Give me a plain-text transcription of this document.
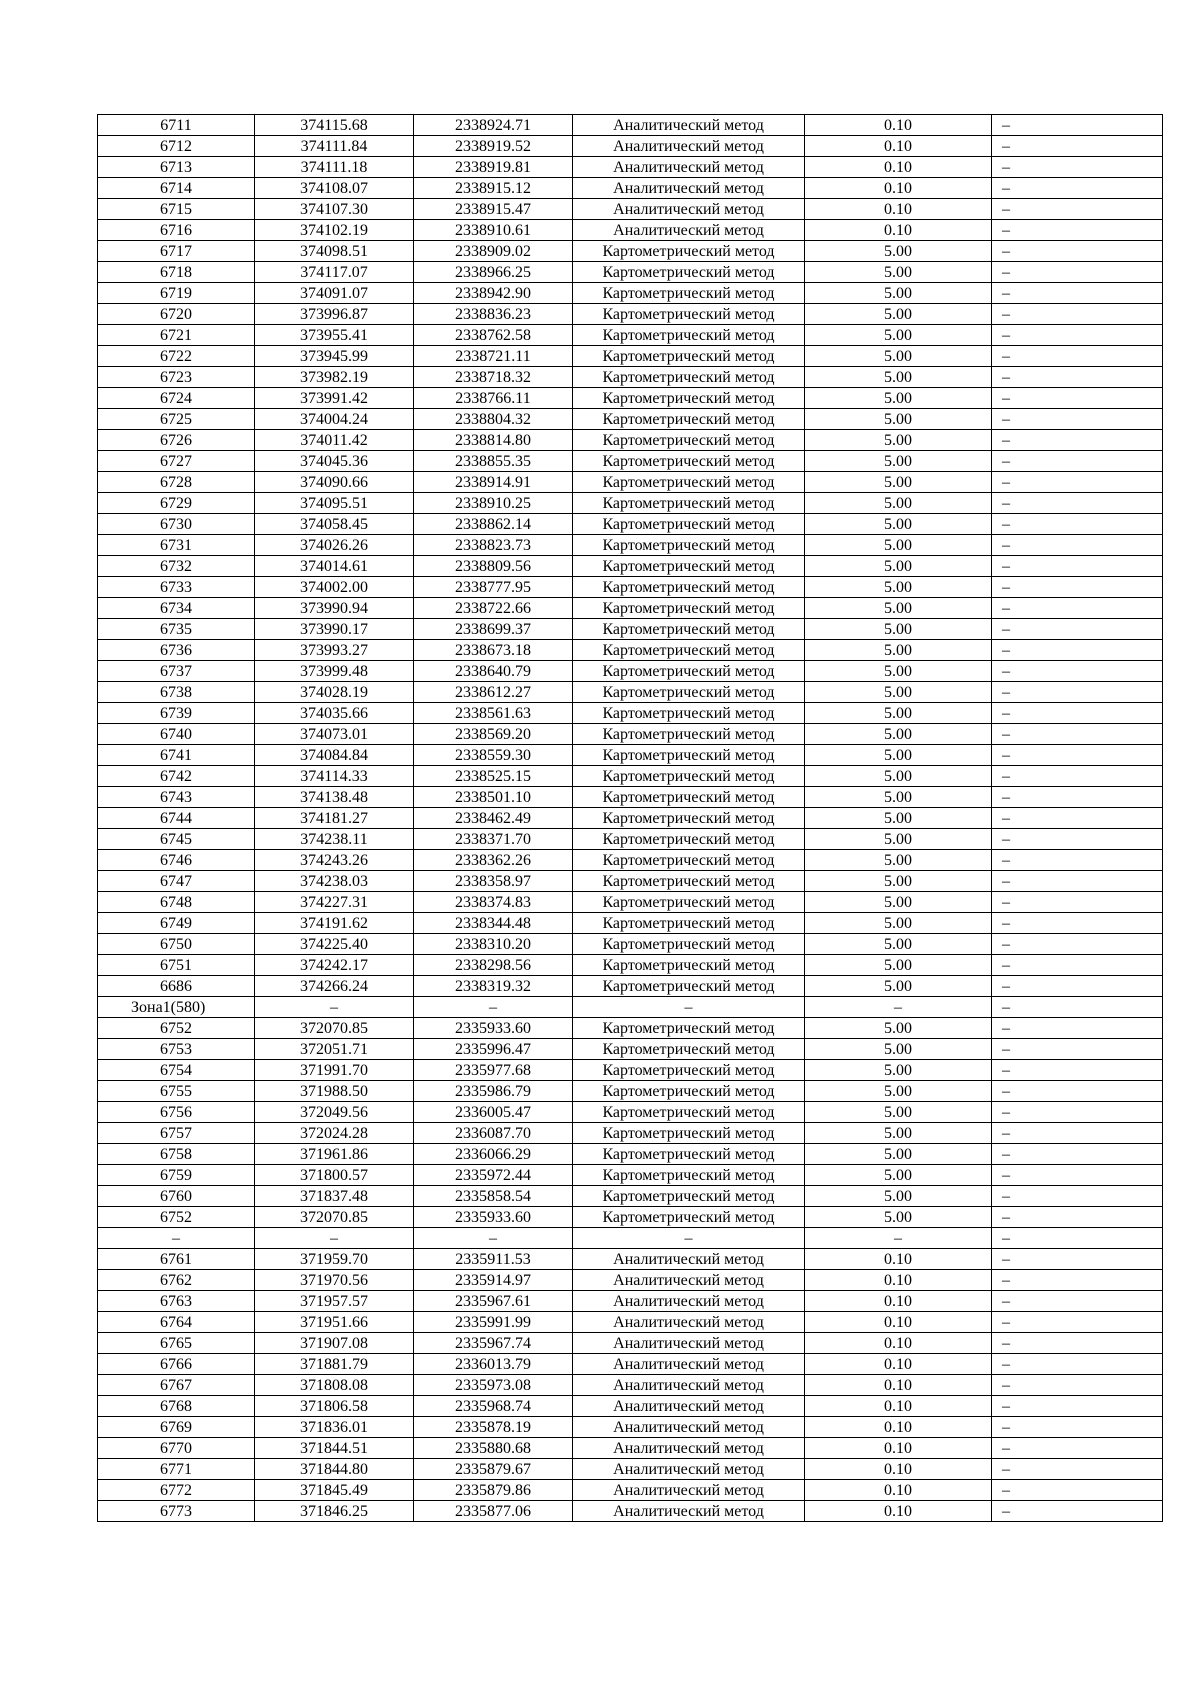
6711	374115.68	2338924.71	Аналитический метод	0.10	–
6712	374111.84	2338919.52	Аналитический метод	0.10	–
6713	374111.18	2338919.81	Аналитический метод	0.10	–
6714	374108.07	2338915.12	Аналитический метод	0.10	–
6715	374107.30	2338915.47	Аналитический метод	0.10	–
6716	374102.19	2338910.61	Аналитический метод	0.10	–
6717	374098.51	2338909.02	Картометрический метод	5.00	–
6718	374117.07	2338966.25	Картометрический метод	5.00	–
6719	374091.07	2338942.90	Картометрический метод	5.00	–
6720	373996.87	2338836.23	Картометрический метод	5.00	–
6721	373955.41	2338762.58	Картометрический метод	5.00	–
6722	373945.99	2338721.11	Картометрический метод	5.00	–
6723	373982.19	2338718.32	Картометрический метод	5.00	–
6724	373991.42	2338766.11	Картометрический метод	5.00	–
6725	374004.24	2338804.32	Картометрический метод	5.00	–
6726	374011.42	2338814.80	Картометрический метод	5.00	–
6727	374045.36	2338855.35	Картометрический метод	5.00	–
6728	374090.66	2338914.91	Картометрический метод	5.00	–
6729	374095.51	2338910.25	Картометрический метод	5.00	–
6730	374058.45	2338862.14	Картометрический метод	5.00	–
6731	374026.26	2338823.73	Картометрический метод	5.00	–
6732	374014.61	2338809.56	Картометрический метод	5.00	–
6733	374002.00	2338777.95	Картометрический метод	5.00	–
6734	373990.94	2338722.66	Картометрический метод	5.00	–
6735	373990.17	2338699.37	Картометрический метод	5.00	–
6736	373993.27	2338673.18	Картометрический метод	5.00	–
6737	373999.48	2338640.79	Картометрический метод	5.00	–
6738	374028.19	2338612.27	Картометрический метод	5.00	–
6739	374035.66	2338561.63	Картометрический метод	5.00	–
6740	374073.01	2338569.20	Картометрический метод	5.00	–
6741	374084.84	2338559.30	Картометрический метод	5.00	–
6742	374114.33	2338525.15	Картометрический метод	5.00	–
6743	374138.48	2338501.10	Картометрический метод	5.00	–
6744	374181.27	2338462.49	Картометрический метод	5.00	–
6745	374238.11	2338371.70	Картометрический метод	5.00	–
6746	374243.26	2338362.26	Картометрический метод	5.00	–
6747	374238.03	2338358.97	Картометрический метод	5.00	–
6748	374227.31	2338374.83	Картометрический метод	5.00	–
6749	374191.62	2338344.48	Картометрический метод	5.00	–
6750	374225.40	2338310.20	Картометрический метод	5.00	–
6751	374242.17	2338298.56	Картометрический метод	5.00	–
6686	374266.24	2338319.32	Картометрический метод	5.00	–
Зона1(580)	–	–	–	–	–
6752	372070.85	2335933.60	Картометрический метод	5.00	–
6753	372051.71	2335996.47	Картометрический метод	5.00	–
6754	371991.70	2335977.68	Картометрический метод	5.00	–
6755	371988.50	2335986.79	Картометрический метод	5.00	–
6756	372049.56	2336005.47	Картометрический метод	5.00	–
6757	372024.28	2336087.70	Картометрический метод	5.00	–
6758	371961.86	2336066.29	Картометрический метод	5.00	–
6759	371800.57	2335972.44	Картометрический метод	5.00	–
6760	371837.48	2335858.54	Картометрический метод	5.00	–
6752	372070.85	2335933.60	Картометрический метод	5.00	–
–	–	–	–	–	–
6761	371959.70	2335911.53	Аналитический метод	0.10	–
6762	371970.56	2335914.97	Аналитический метод	0.10	–
6763	371957.57	2335967.61	Аналитический метод	0.10	–
6764	371951.66	2335991.99	Аналитический метод	0.10	–
6765	371907.08	2335967.74	Аналитический метод	0.10	–
6766	371881.79	2336013.79	Аналитический метод	0.10	–
6767	371808.08	2335973.08	Аналитический метод	0.10	–
6768	371806.58	2335968.74	Аналитический метод	0.10	–
6769	371836.01	2335878.19	Аналитический метод	0.10	–
6770	371844.51	2335880.68	Аналитический метод	0.10	–
6771	371844.80	2335879.67	Аналитический метод	0.10	–
6772	371845.49	2335879.86	Аналитический метод	0.10	–
6773	371846.25	2335877.06	Аналитический метод	0.10	–
